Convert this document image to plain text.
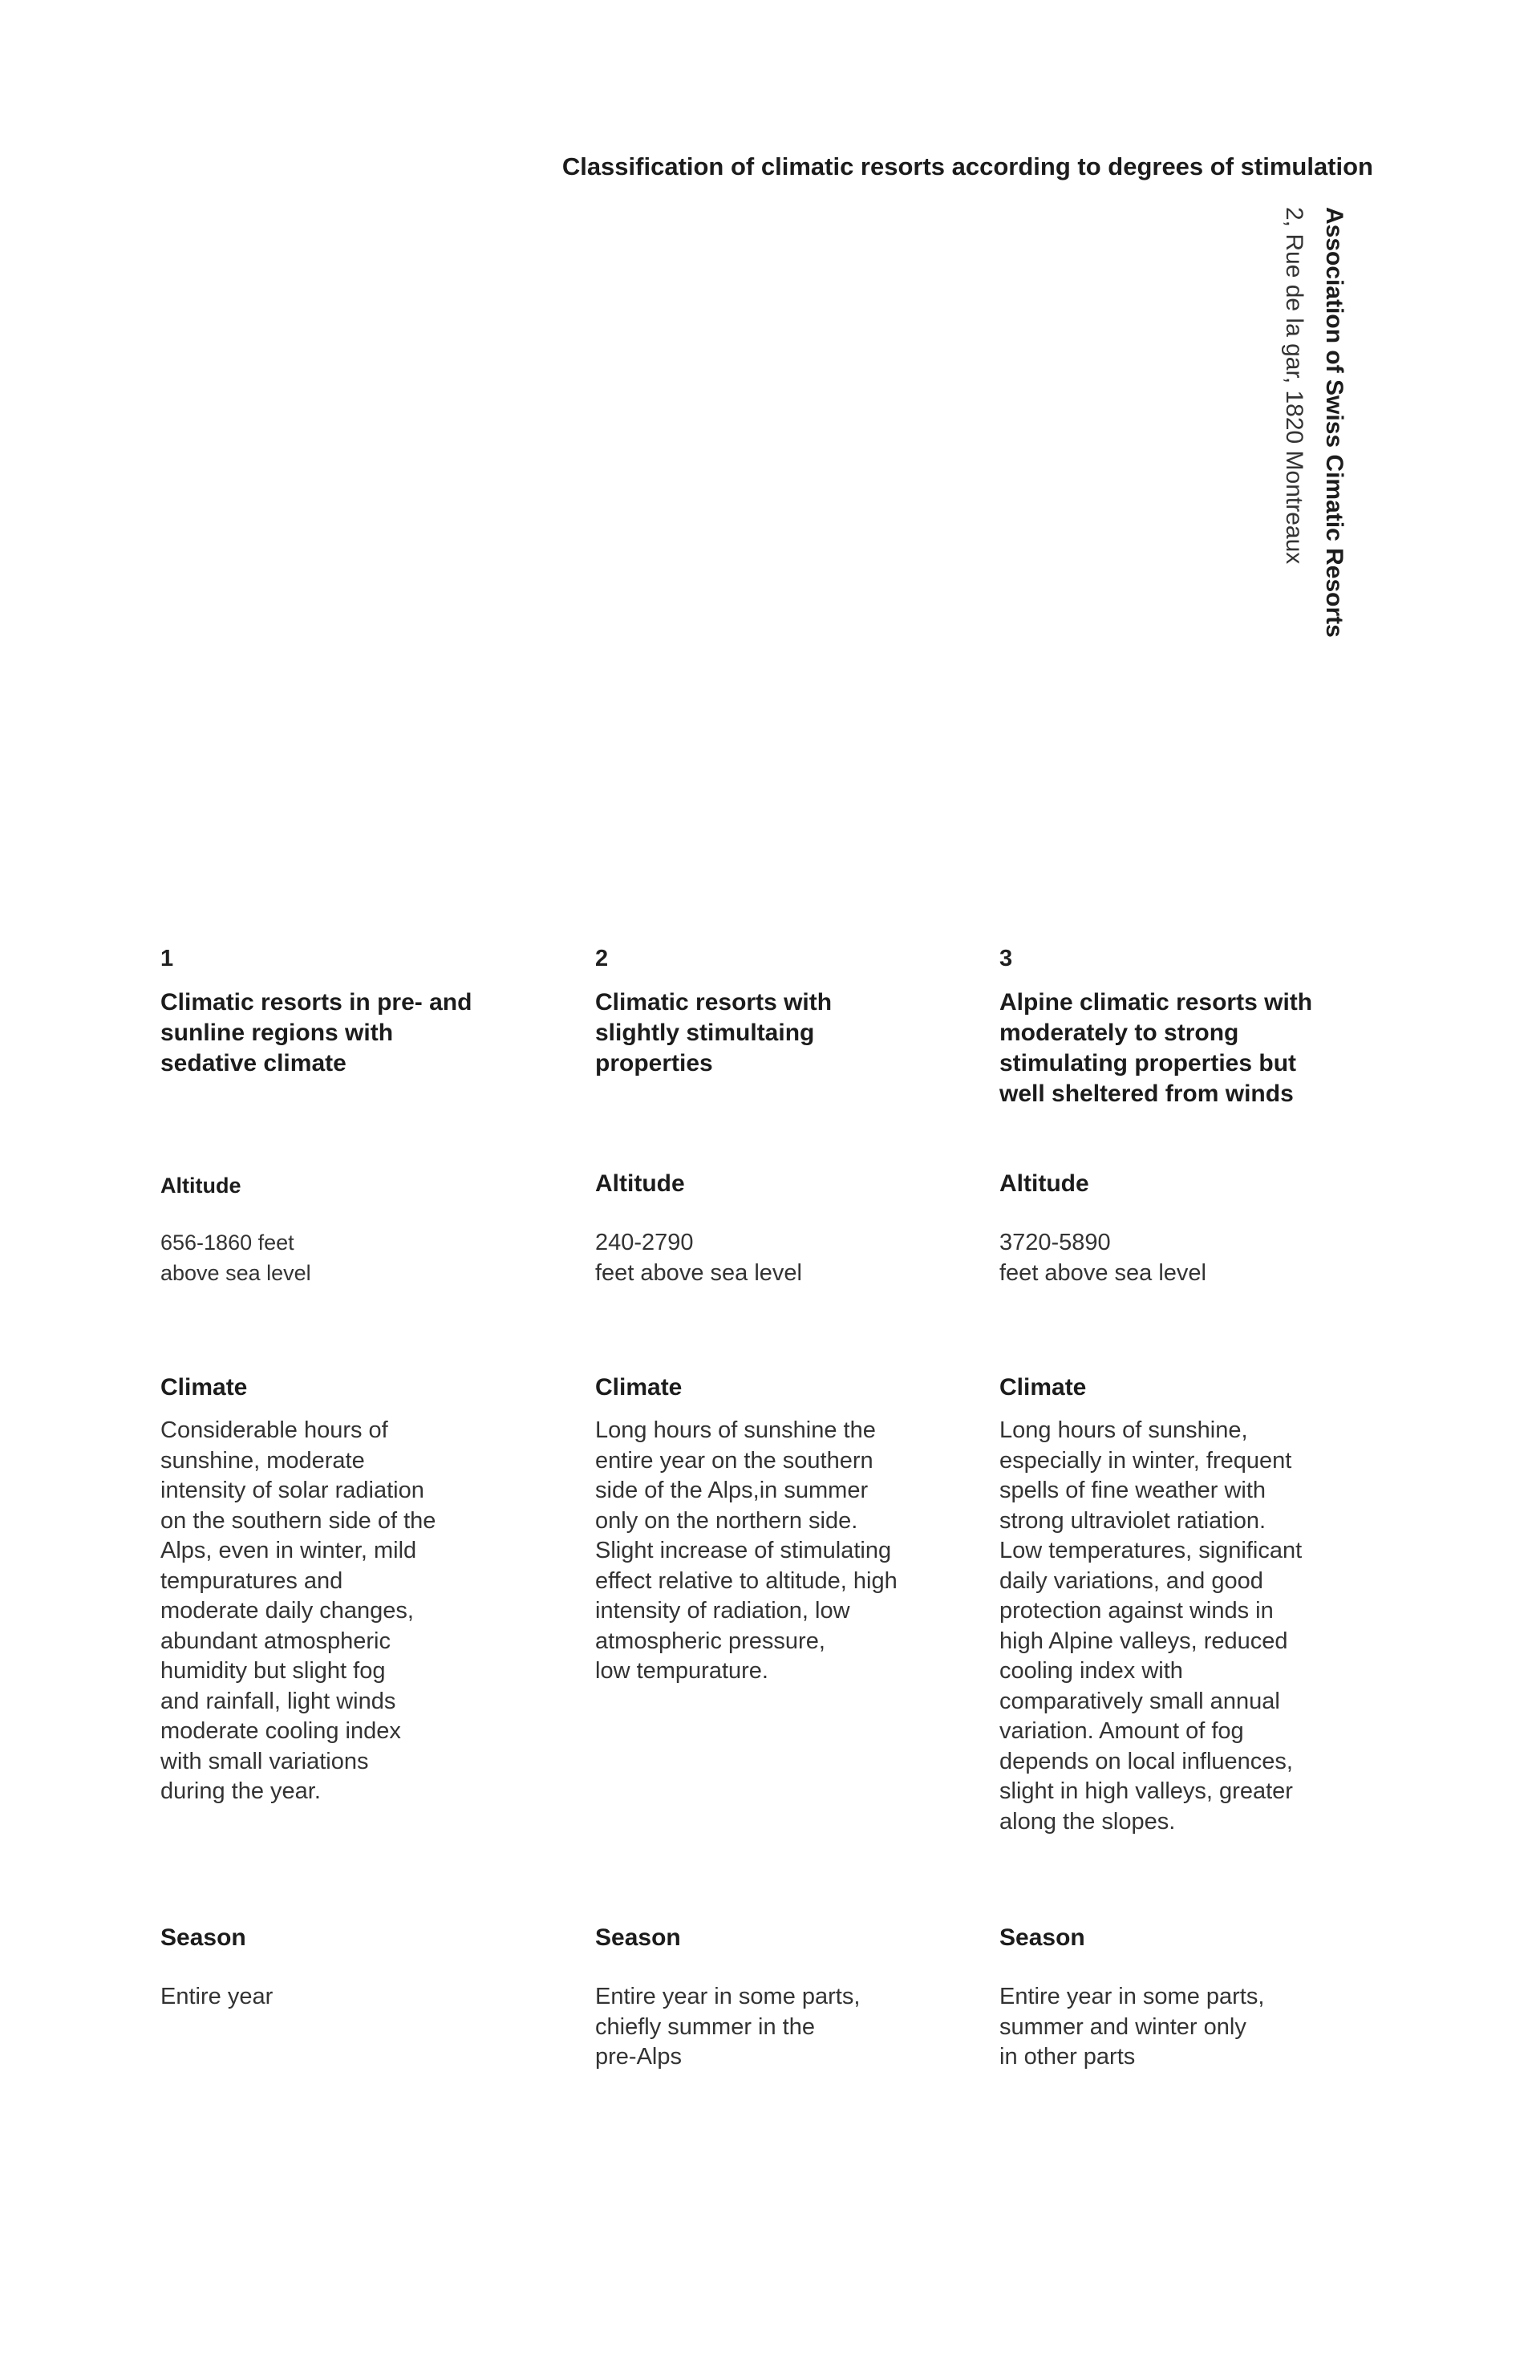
Classification of climatic resorts according to degrees of stimulation
Association of Swiss Cimatic Resorts
2, Rue de la gar, 1820 Montreaux
1
Climatic resorts in pre- and
sunline regions with
sedative climate
Altitude
656-1860 feet
above sea level
Climate
Considerable hours of
sunshine, moderate
intensity of solar radiation
on the southern side of the
Alps, even in winter, mild
tempuratures and
moderate daily changes,
abundant atmospheric
humidity but slight fog
and rainfall, light winds
moderate cooling index
with small variations
during the year.
Season
Entire year
2
Climatic resorts with
slightly stimultaing
properties
Altitude
240-2790
feet above sea level
Climate
Long hours of sunshine the
entire year on the southern
side of the Alps,in summer
only on the northern side.
Slight increase of stimulating
effect relative to altitude, high
intensity of radiation, low
atmospheric pressure,
low tempurature.
Season
Entire year in some parts,
chiefly summer in the
pre-Alps
3
Alpine climatic resorts with
moderately to strong
stimulating properties but
well sheltered from winds
Altitude
3720-5890
feet above sea level
Climate
Long hours of sunshine,
especially in winter, frequent
spells of fine weather with
strong ultraviolet ratiation.
Low temperatures, significant
daily variations, and good
protection against winds in
high Alpine valleys, reduced
cooling index with
comparatively small annual
variation. Amount of fog
depends on local influences,
slight in high valleys, greater
along the slopes.
Season
Entire year in some parts,
summer and winter only
in other parts
